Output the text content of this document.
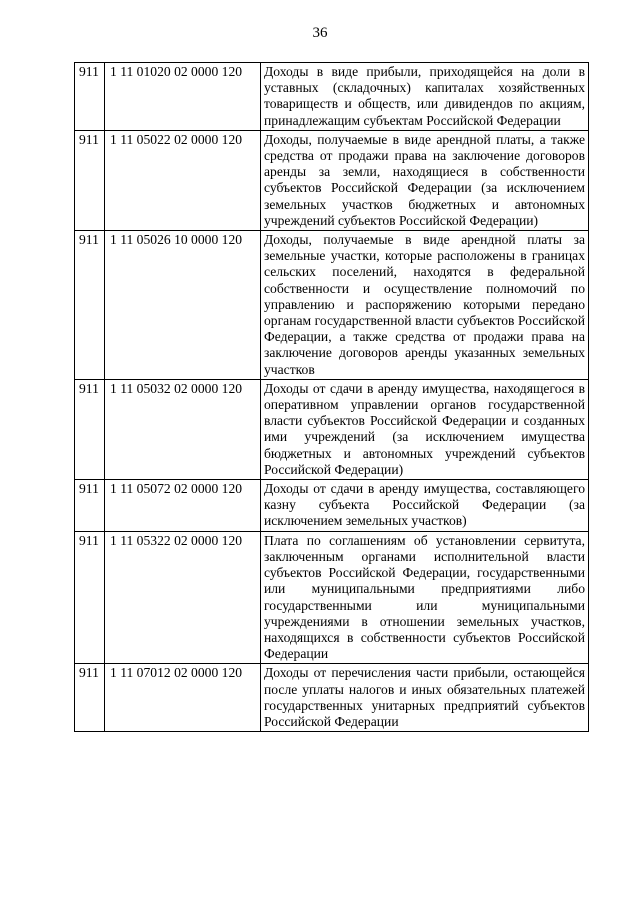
36
911	1 11 01020 02 0000 120	Доходы в виде прибыли, приходящейся на доли в уставных (складочных) капиталах хозяйственных товариществ и обществ, или дивидендов по акциям, принадлежащим субъектам Российской Федерации
911	1 11 05022 02 0000 120	Доходы, получаемые в виде арендной платы, а также средства от продажи права на заключение договоров аренды за земли, находящиеся в собственности субъектов Российской Федерации (за исключением земельных участков бюджетных и автономных учреждений субъектов Российской Федерации)
911	1 11 05026 10 0000 120	Доходы, получаемые в виде арендной платы за земельные участки, которые расположены в границах сельских поселений, находятся в федеральной собственности и осуществление полномочий по управлению и распоряжению которыми передано органам государственной власти субъектов Российской Федерации, а также средства от продажи права на заключение договоров аренды указанных земельных участков
911	1 11 05032 02 0000 120	Доходы от сдачи в аренду имущества, находящегося в оперативном управлении органов государственной власти субъектов Российской Федерации и созданных ими учреждений (за исключением имущества бюджетных и автономных учреждений субъектов Российской Федерации)
911	1 11 05072 02 0000 120	Доходы от сдачи в аренду имущества, составляющего казну субъекта Российской Федерации (за исключением земельных участков)
911	1 11 05322 02 0000 120	Плата по соглашениям об установлении сервитута, заключенным органами исполнительной власти субъектов Российской Федерации, государственными или муниципальными предприятиями либо государственными или муниципальными учреждениями в отношении земельных участков, находящихся в собственности субъектов Российской Федерации
911	1 11 07012 02 0000 120	Доходы от перечисления части прибыли, остающейся после уплаты налогов и иных обязательных платежей государственных унитарных предприятий субъектов Российской Федерации
